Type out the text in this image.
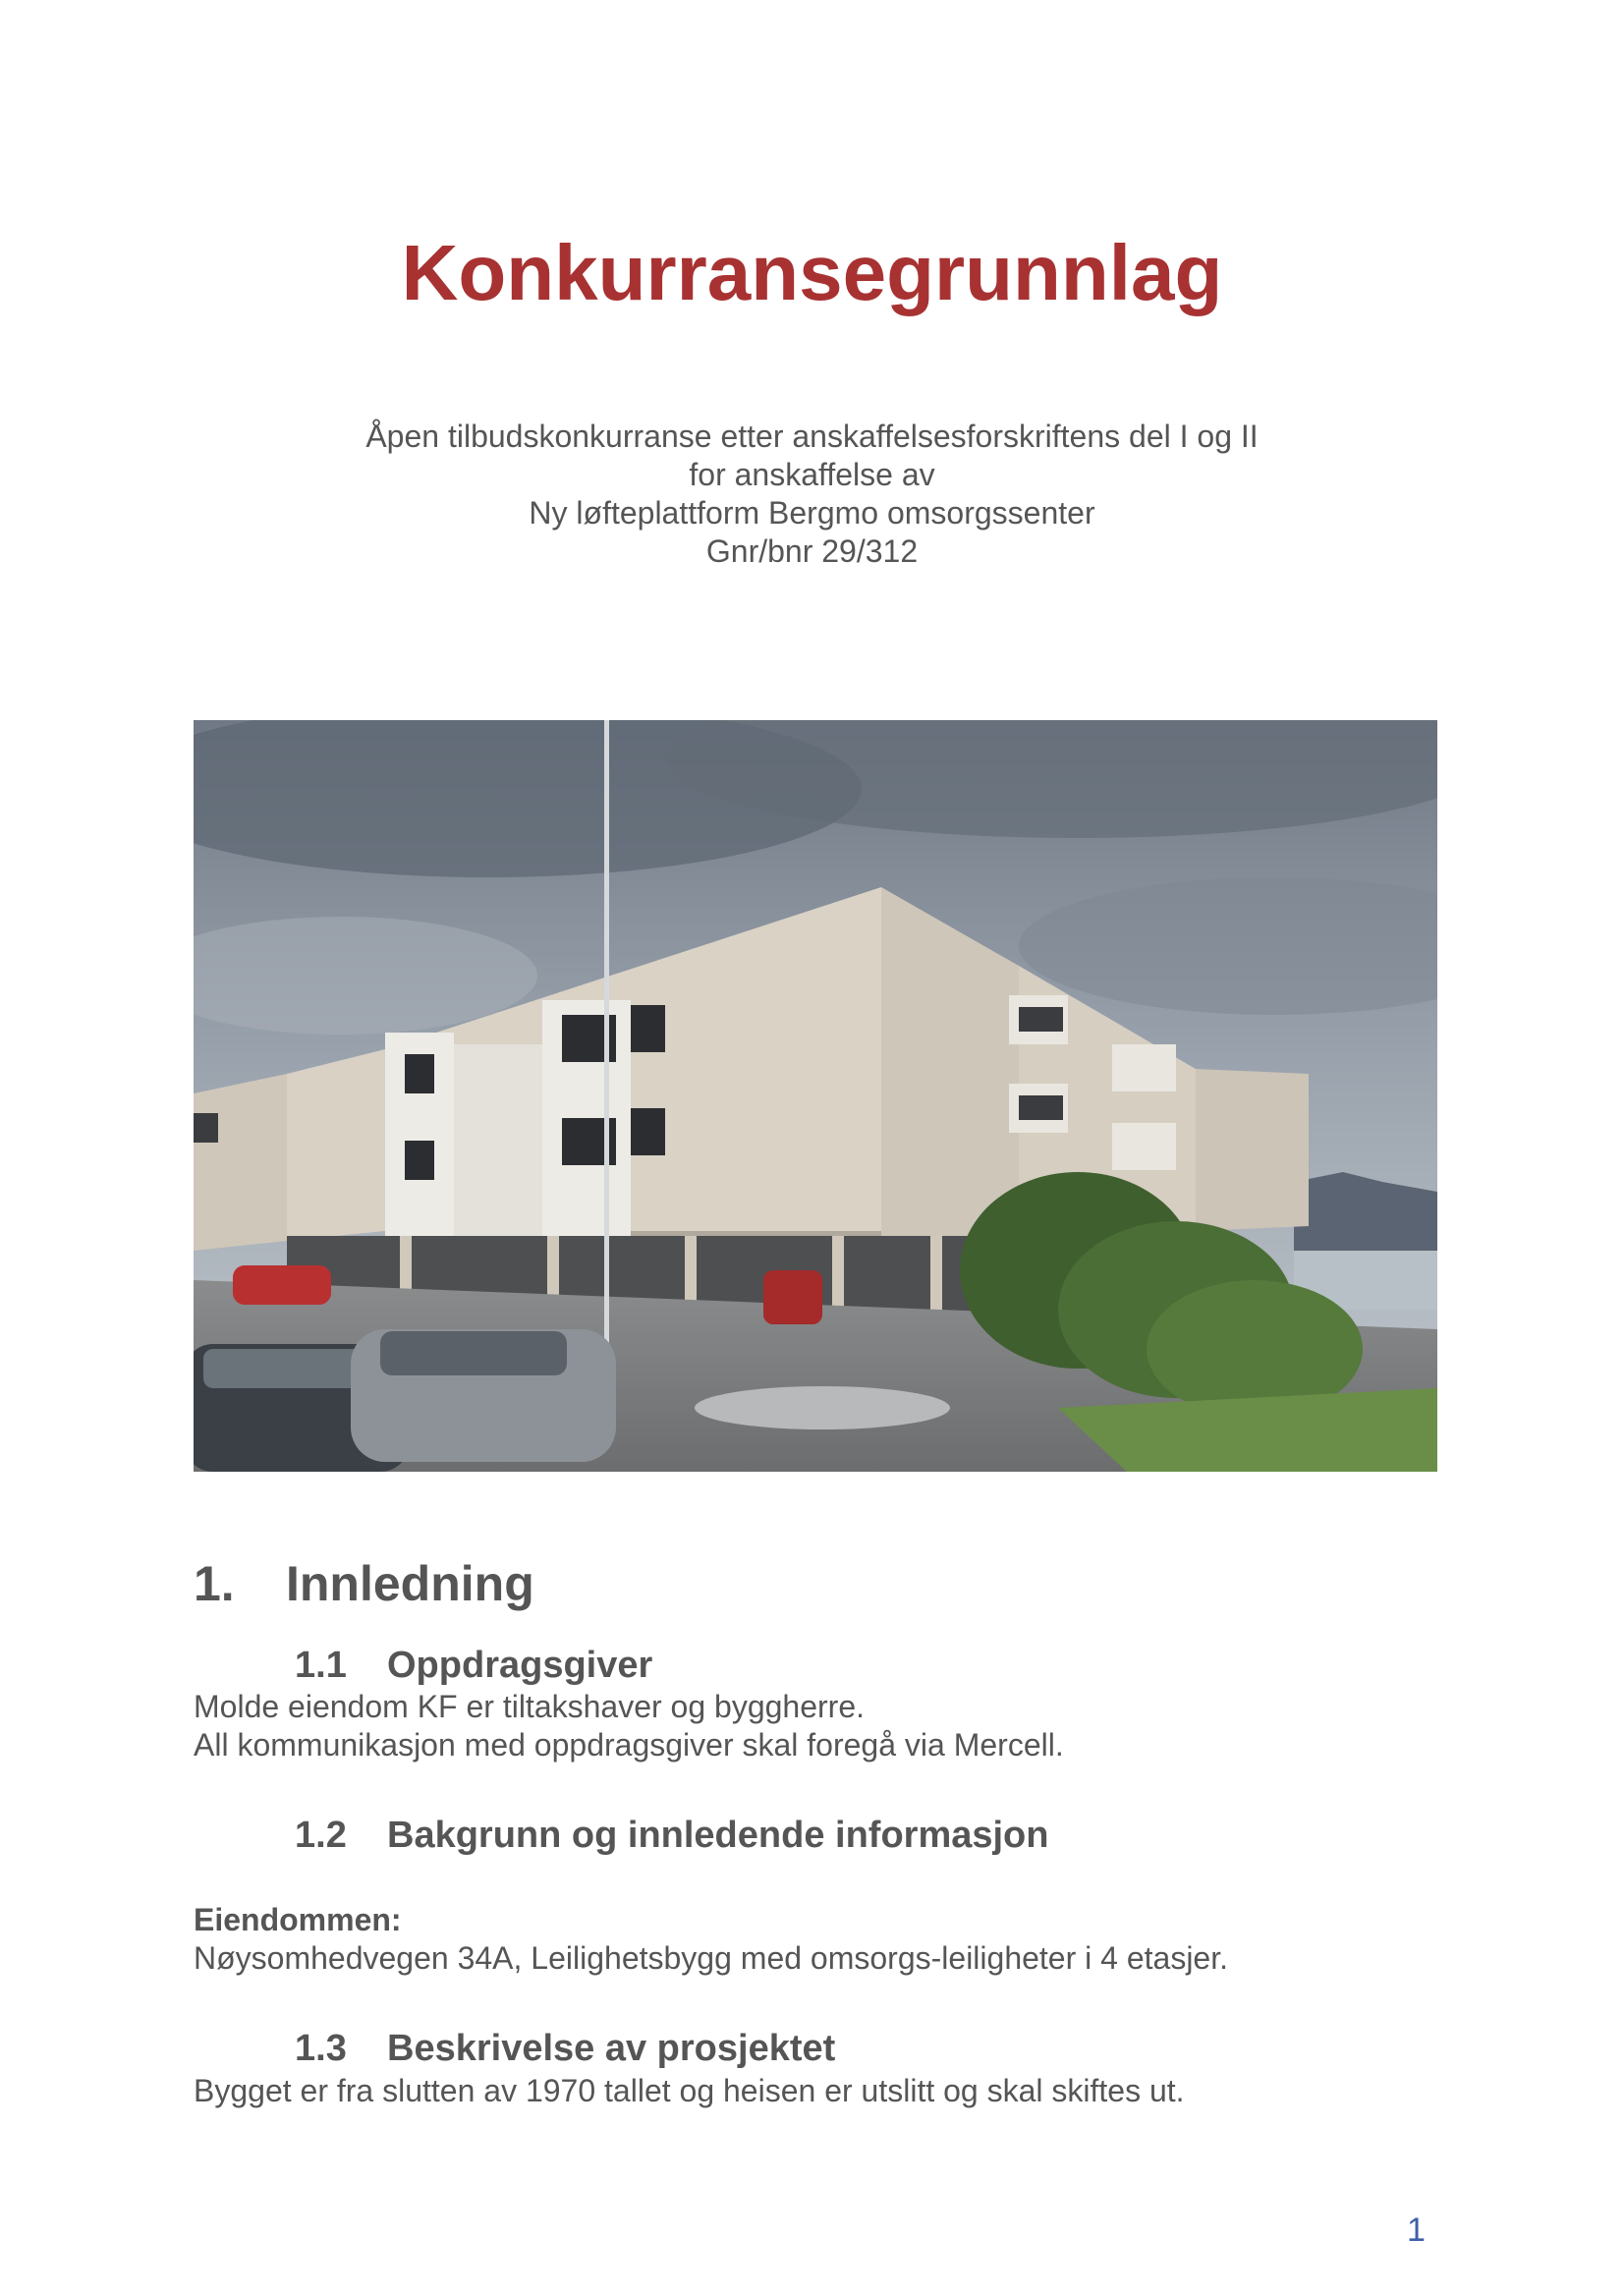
Konkurransegrunnlag
Åpen tilbudskonkurranse etter anskaffelsesforskriftens del I og II
for anskaffelse av
Ny løfteplattform Bergmo omsorgssenter
Gnr/bnr 29/312
1. Innledning
1.1 Oppdragsgiver
Molde eiendom KF er tiltakshaver og byggherre.
All kommunikasjon med oppdragsgiver skal foregå via Mercell.
1.2 Bakgrunn og innledende informasjon
Eiendommen:
Nøysomhedvegen 34A, Leilighetsbygg med omsorgs-leiligheter i 4 etasjer.
1.3 Beskrivelse av prosjektet
Bygget er fra slutten av 1970 tallet og heisen er utslitt og skal skiftes ut.
1
